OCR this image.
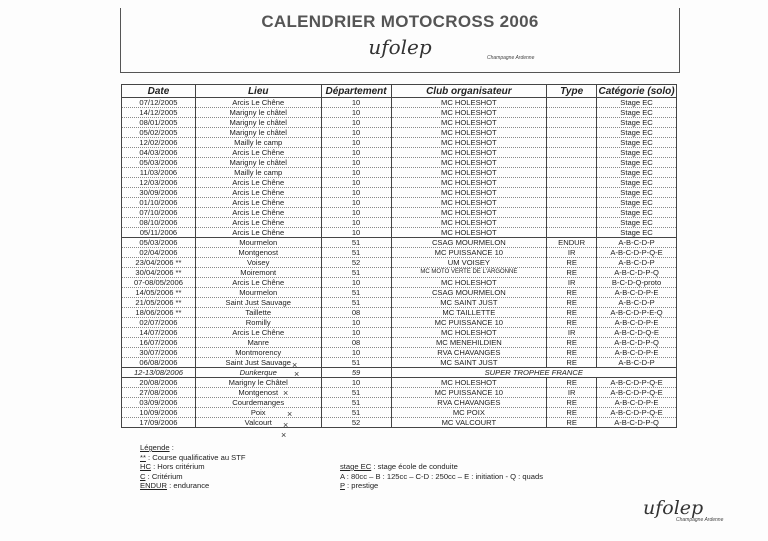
CALENDRIER MOTOCROSS 2006
ufolep	Champagne Ardenne
Date	Lieu	Département	Club organisateur	Type	Catégorie (solo)
07/12/2005	Arcis Le Chêne	10	MC HOLESHOT		Stage EC
14/12/2005	Marigny le châtel	10	MC HOLESHOT		Stage EC
08/01/2005	Marigny le châtel	10	MC HOLESHOT		Stage EC
05/02/2005	Marigny le châtel	10	MC HOLESHOT		Stage EC
12/02/2006	Mailly le camp	10	MC HOLESHOT		Stage EC
04/03/2006	Arcis Le Chêne	10	MC HOLESHOT		Stage EC
05/03/2006	Marigny le châtel	10	MC HOLESHOT		Stage EC
11/03/2006	Mailly le camp	10	MC HOLESHOT		Stage EC
12/03/2006	Arcis Le Chêne	10	MC HOLESHOT		Stage EC
30/09/2006	Arcis Le Chêne	10	MC HOLESHOT		Stage EC
01/10/2006	Arcis Le Chêne	10	MC HOLESHOT		Stage EC
07/10/2006	Arcis Le Chêne	10	MC HOLESHOT		Stage EC
08/10/2006	Arcis Le Chêne	10	MC HOLESHOT		Stage EC
05/11/2006	Arcis Le Chêne	10	MC HOLESHOT		Stage EC
05/03/2006	Mourmelon	51	CSAG MOURMELON	ENDUR	A-B-C-D-P
02/04/2006	Montgenost	51	MC PUISSANCE 10	IR	A-B-C-D-P-Q-E
23/04/2006 **	Voisey	52	UM VOISEY	RE	A-B-C-D-P
30/04/2006 **	Moiremont	51	MC MOTO VERTE DE L'ARGONNE	RE	A-B-C-D-P-Q
07-08/05/2006	Arcis Le Chêne	10	MC HOLESHOT	IR	B-C-D-Q-proto
14/05/2006 **	Mourmelon	51	CSAG MOURMELON	RE	A-B-C-D-P-E
21/05/2006 **	Saint Just Sauvage	51	MC SAINT JUST	RE	A-B-C-D-P
18/06/2006 **	Taillette	08	MC TAILLETTE	RE	A-B-C-D-P-E-Q
02/07/2006	Romilly	10	MC PUISSANCE 10	RE	A-B-C-D-P-E
14/07/2006	Arcis Le Chêne	10	MC HOLESHOT	IR	A-B-C-D-Q-E
16/07/2006	Manre	08	MC MENEHILDIEN	RE	A-B-C-D-P-Q
30/07/2006	Montmorency	10	RVA CHAVANGES	RE	A-B-C-D-P-E
06/08/2006	Saint Just Sauvage	51	MC SAINT JUST	RE	A-B-C-D-P
12-13/08/2006	Dunkerque	59	SUPER TROPHEE FRANCE		
20/08/2006	Marigny le Châtel	10	MC HOLESHOT	RE	A-B-C-D-P-Q-E
27/08/2006	Montgenost	51	MC PUISSANCE 10	IR	A-B-C-D-P-Q-E
03/09/2006	Courdemanges	51	RVA CHAVANGES	RE	A-B-C-D-P-E
10/09/2006	Poix	51	MC POIX	RE	A-B-C-D-P-Q-E
17/09/2006	Valcourt	52	MC VALCOURT	RE	A-B-C-D-P-Q
Légende :
** : Course qualificative au STF
HC : Hors critérium
C : Critérium
ENDUR : endurance
stage EC : stage école de conduite
A : 80cc – B : 125cc – C-D : 250cc – E : initiation - Q : quads
P : prestige
ufolep
Champagne Ardenne
×
×
×
×
×
×
